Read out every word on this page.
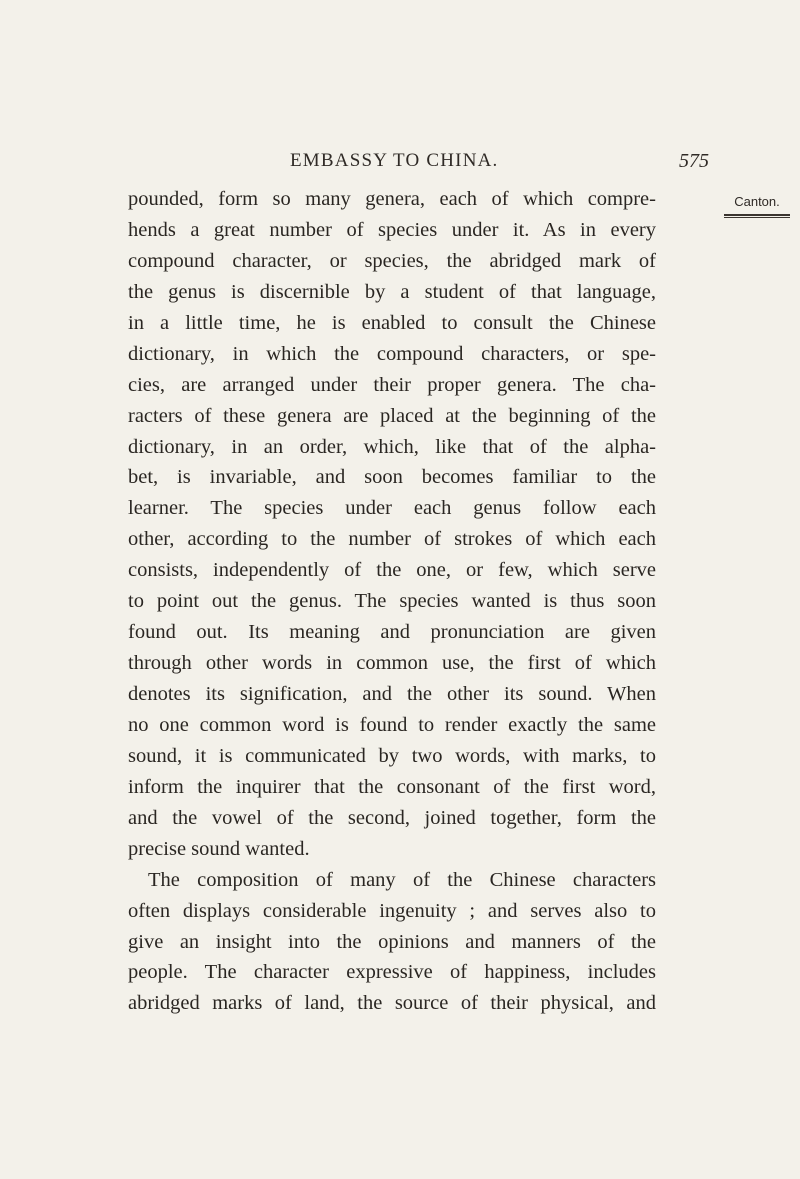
EMBASSY TO CHINA.	575
Canton.
pounded, form so many genera, each of which compre-
hends a great number of species under it. As in every
compound character, or species, the abridged mark of
the genus is discernible by a student of that language,
in a little time, he is enabled to consult the Chinese
dictionary, in which the compound characters, or spe-
cies, are arranged under their proper genera. The cha-
racters of these genera are placed at the beginning of the
dictionary, in an order, which, like that of the alpha-
bet, is invariable, and soon becomes familiar to the
learner. The species under each genus follow each
other, according to the number of strokes of which each
consists, independently of the one, or few, which serve
to point out the genus. The species wanted is thus soon
found out. Its meaning and pronunciation are given
through other words in common use, the first of which
denotes its signification, and the other its sound. When
no one common word is found to render exactly the same
sound, it is communicated by two words, with marks, to
inform the inquirer that the consonant of the first word,
and the vowel of the second, joined together, form the
precise sound wanted.
The composition of many of the Chinese characters
often displays considerable ingenuity ; and serves also to
give an insight into the opinions and manners of the
people. The character expressive of happiness, includes
abridged marks of land, the source of their physical, and
